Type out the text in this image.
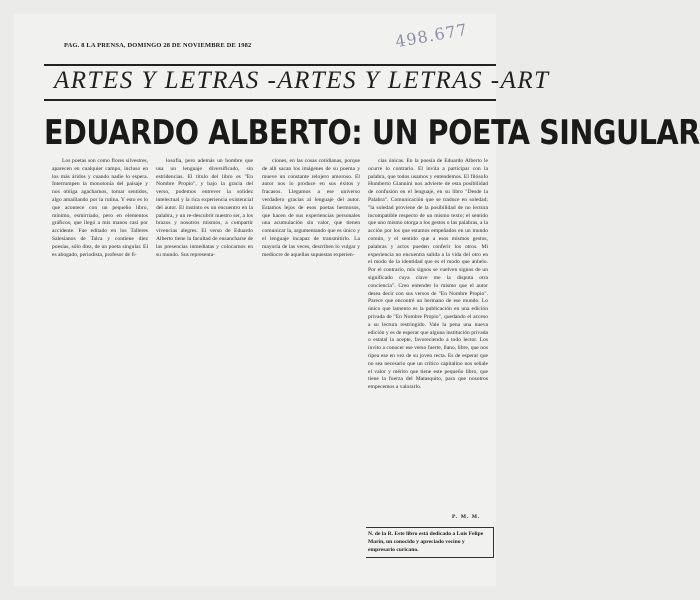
PAG. 8 LA PRENSA, DOMINGO 28 DE NOVIEMBRE DE 1982	498.677
ARTES Y LETRAS -ARTES Y LETRAS -ART
EDUARDO ALBERTO: UN POETA SINGULAR

Los poetas son como flores silvestres, aparecen en cualquier campo, incluso en los más áridos y cuando nadie lo espera. Interrumpen la monotonía del paisaje y nos obliga agacharnos, tomar sentidos, algo amaillando por la rutina. Y esto es lo que acontece con un pequeño libro, mínimo, esmirriado, pero en elementos gráficos, que llegó a mis manos casi por accidente. Fue editado en los Talleres Salesianos de Talca y contiene diez poesías, sólo diez, de un poeta singular. El es abogado, periodista, profesor de fi-

losofía, pero además un hombre que usa un lenguaje diversificado, sin estridencias. El título del libro es "En Nombre Propio", y bajo la gracia del verso, podemos entrever la solidez intelectual y la rica experiencia existencial del autor. El instinto es un encuentro en la palabra, y un re-descubrir nuestro ser, a los brazos y nosotros mismos, a compartir vivencias alegres. El verso de Eduardo Alberto tiene la facultad de ensancharse de las presencias inmediatas y colocarnos en su mundo. Sus representa-

ciones, en las cosas cotidianas, porque de allí sacan los imágenes de su poema y mueve un constante relojero amoroso. El autor nos lo produce en sus éxitos y fracasos. Llegamos a ese universo verdadero gracias al lenguaje del autor. Estamos lejos de esos poetas hermosos, que hacen de sus experiencias personales una acumulación sin valor, que tienen comunicar la, argumentando que es único y el lenguaje incapaz de transmitirlo. La mayoría de las veces, describen lo vulgar y mediocre de aquellas supuestas experien-

cias únicas. En la poesía de Eduardo Alberto le ocurre lo contrario. El invita a participar con la palabra, que todos usamos y entendemos. El filósofo Humberto Giannini nos advierte de esta posibilidad de confusión en el lenguaje, en su libro "Desde la Palabra". Comunicación que se traduce en soledad; "la soledad proviene de la posibilidad de no lectura incompatible respecto de un mismo texto; el sentido que uno mismo otorga a los gestos o las palabras, a la acción por los que estamos empeñados en un mundo común, y el sentido que a esos mismos gestos, palabras y actos pueden conferir los otros. Mi experiencia no encuentra salida a la vida del otro en el modo de la identidad que es el modo que anhelo. Por el contrario, mis signos se vuelven signos de un significado cuya clave me la disputa otra conciencia". Creo entender lo mismo que el autor desea decir con sus versos de "En Nombre Propio". Parece que encontré un hermano de ese mundo. Lo único que lamento es la publicación en una edición privada de "En Nombre Propio", quedando el acceso a su lectura restringido. Vale la pena una nueva edición y es de esperar que alguna institución privada o estatal la acepte, favoreciendo a todo lector. Los invito a conocer ese verso fuerte, llano, libre, que nos ripea ese en vez de su joven recta. Es de esperar que no sea necesario que un crítico capitalino nos señale el valor y mérito que tiene este pequeño libro, que tiene la fuerza del Matasquito, para que nosotros empecemos a valorarlo.

P. M. M.

N. de la R. Este libro está dedicado a Luis Felipe Marín, un conocido y apreciado vecino y empresario curicano.
